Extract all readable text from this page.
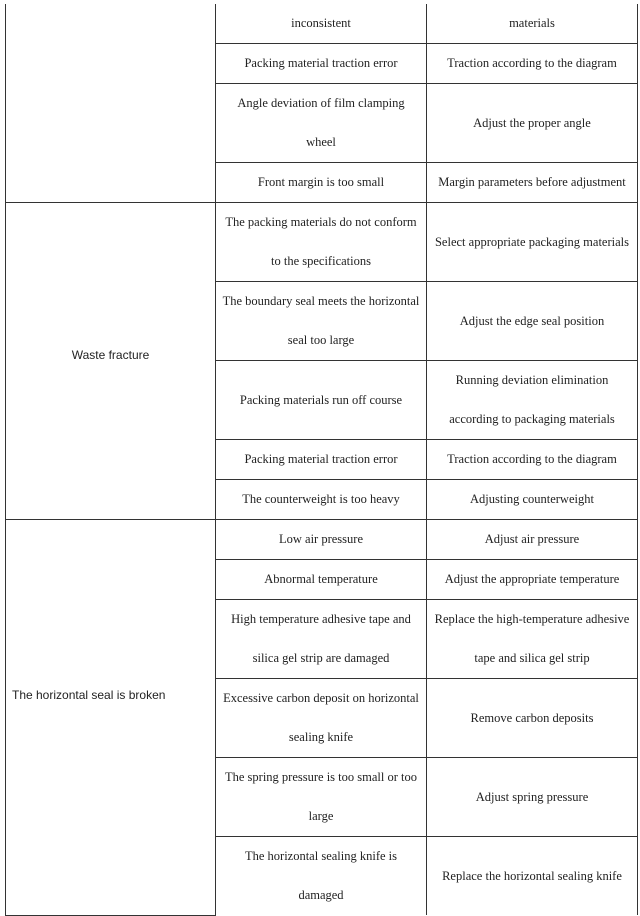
	inconsistent	materials
	Packing material traction error	Traction according to the diagram
	Angle deviation of film clamping wheel	Adjust the proper angle
	Front margin is too small	Margin parameters before adjustment
Waste fracture	The packing materials do not conform to the specifications	Select appropriate packaging materials
	The boundary seal meets the horizontal seal too large	Adjust the edge seal position
	Packing materials run off course	Running deviation elimination according to packaging materials
	Packing material traction error	Traction according to the diagram
	The counterweight is too heavy	Adjusting counterweight
The horizontal seal is broken	Low air pressure	Adjust air pressure
	Abnormal temperature	Adjust the appropriate temperature
	High temperature adhesive tape and silica gel strip are damaged	Replace the high-temperature adhesive tape and silica gel strip
	Excessive carbon deposit on horizontal sealing knife	Remove carbon deposits
	The spring pressure is too small or too large	Adjust spring pressure
	The horizontal sealing knife is damaged	Replace the horizontal sealing knife
